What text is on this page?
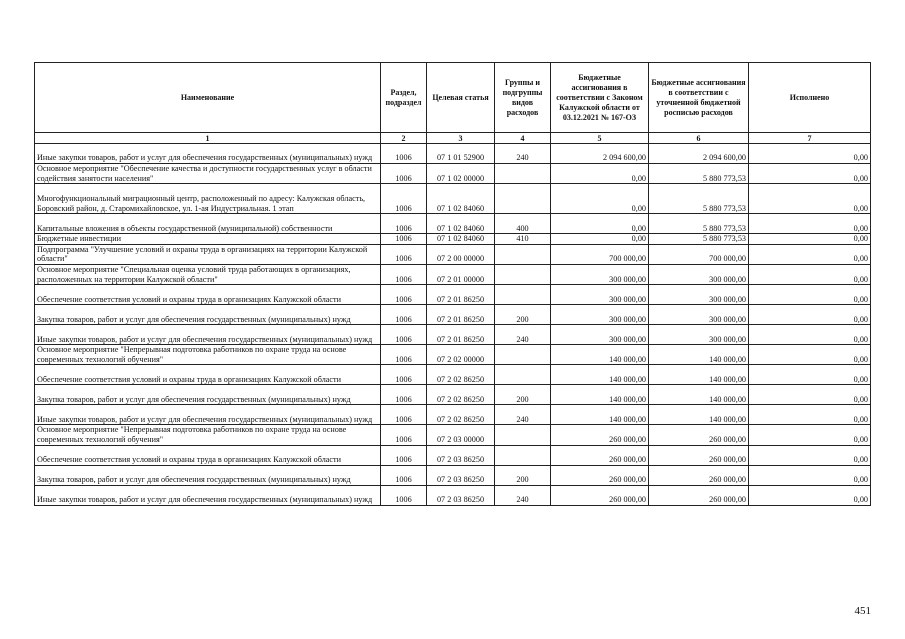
Наименование	Раздел, подраздел	Целевая статья	Группы и подгруппы видов расходов	Бюджетные ассигнования в соответствии с Законом Калужской области от 03.12.2021 № 167-ОЗ	Бюджетные ассигнования в соответствии с уточненной бюджетной росписью расходов	Исполнено
1	2	3	4	5	6	7
Иные закупки товаров, работ и услуг для обеспечения государственных (муниципальных) нужд	1006	07 1 01 52900	240	2 094 600,00	2 094 600,00	0,00
Основное мероприятие "Обеспечение качества и доступности государственных услуг в области содействия занятости населения"	1006	07 1 02 00000		0,00	5 880 773,53	0,00
Многофункциональный миграционный центр, расположенный по адресу: Калужская область, Боровский район, д. Старомихайловское, ул. 1-ая Индустриальная. 1 этап	1006	07 1 02 84060		0,00	5 880 773,53	0,00
Капитальные вложения в объекты государственной (муниципальной) собственности	1006	07 1 02 84060	400	0,00	5 880 773,53	0,00
Бюджетные инвестиции	1006	07 1 02 84060	410	0,00	5 880 773,53	0,00
Подпрограмма "Улучшение условий и охраны труда в организациях на территории Калужской области"	1006	07 2 00 00000		700 000,00	700 000,00	0,00
Основное мероприятие "Специальная оценка условий труда работающих в организациях, расположенных на территории Калужской области"	1006	07 2 01 00000		300 000,00	300 000,00	0,00
Обеспечение соответствия условий и охраны труда в организациях Калужской области	1006	07 2 01 86250		300 000,00	300 000,00	0,00
Закупка товаров, работ и услуг для обеспечения государственных (муниципальных) нужд	1006	07 2 01 86250	200	300 000,00	300 000,00	0,00
Иные закупки товаров, работ и услуг для обеспечения государственных (муниципальных) нужд	1006	07 2 01 86250	240	300 000,00	300 000,00	0,00
Основное мероприятие "Непрерывная подготовка работников по охране труда на основе современных технологий обучения"	1006	07 2 02 00000		140 000,00	140 000,00	0,00
Обеспечение соответствия условий и охраны труда в организациях Калужской области	1006	07 2 02 86250		140 000,00	140 000,00	0,00
Закупка товаров, работ и услуг для обеспечения государственных (муниципальных) нужд	1006	07 2 02 86250	200	140 000,00	140 000,00	0,00
Иные закупки товаров, работ и услуг для обеспечения государственных (муниципальных) нужд	1006	07 2 02 86250	240	140 000,00	140 000,00	0,00
Основное мероприятие "Непрерывная подготовка работников по охране труда на основе современных технологий обучения"	1006	07 2 03 00000		260 000,00	260 000,00	0,00
Обеспечение соответствия условий и охраны труда в организациях Калужской области	1006	07 2 03 86250		260 000,00	260 000,00	0,00
Закупка товаров, работ и услуг для обеспечения государственных (муниципальных) нужд	1006	07 2 03 86250	200	260 000,00	260 000,00	0,00
Иные закупки товаров, работ и услуг для обеспечения государственных (муниципальных) нужд	1006	07 2 03 86250	240	260 000,00	260 000,00	0,00
451
